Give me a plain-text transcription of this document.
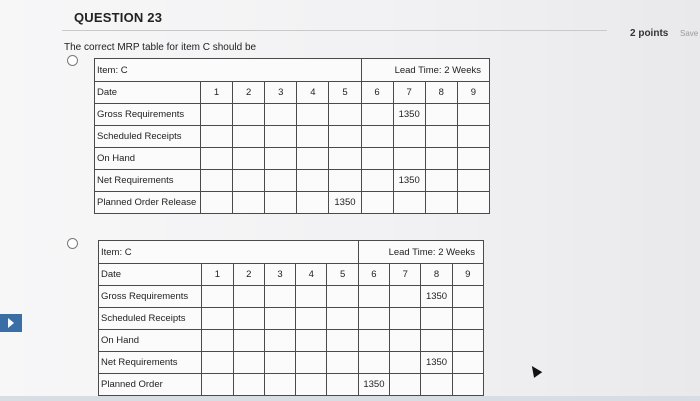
QUESTION 23
2 points Save
The correct MRP table for item C should be
Item: C						Lead Time: 2 Weeks			
Date	1	2	3	4	5	6	7	8	9
Gross Requirements							1350		
Scheduled Receipts									
On Hand									
Net Requirements							1350		
Planned Order Release					1350				
Item: C						Lead Time: 2 Weeks			
Date	1	2	3	4	5	6	7	8	9
Gross Requirements								1350	
Scheduled Receipts									
On Hand									
Net Requirements								1350	
Planned Order						1350			
